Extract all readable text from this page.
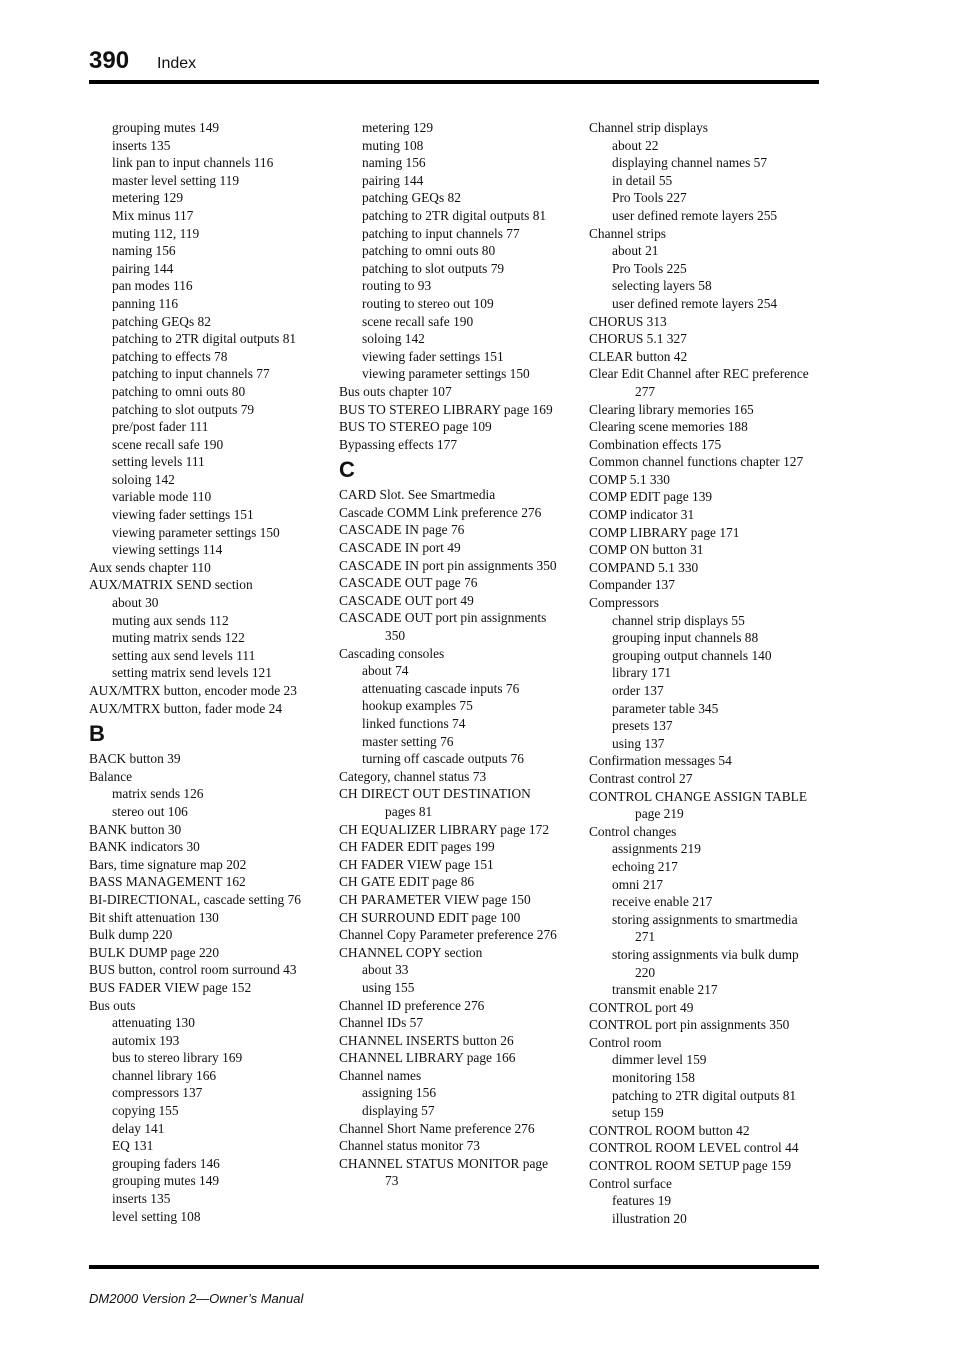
390 Index
grouping mutes 149
inserts 135
link pan to input channels 116
master level setting 119
metering 129
Mix minus 117
muting 112, 119
naming 156
pairing 144
pan modes 116
panning 116
patching GEQs 82
patching to 2TR digital outputs 81
patching to effects 78
patching to input channels 77
patching to omni outs 80
patching to slot outputs 79
pre/post fader 111
scene recall safe 190
setting levels 111
soloing 142
variable mode 110
viewing fader settings 151
viewing parameter settings 150
viewing settings 114
Aux sends chapter 110
AUX/MATRIX SEND section
about 30
muting aux sends 112
muting matrix sends 122
setting aux send levels 111
setting matrix send levels 121
AUX/MTRX button, encoder mode 23
AUX/MTRX button, fader mode 24
B
BACK button 39
Balance
matrix sends 126
stereo out 106
BANK button 30
BANK indicators 30
Bars, time signature map 202
BASS MANAGEMENT 162
BI-DIRECTIONAL, cascade setting 76
Bit shift attenuation 130
Bulk dump 220
BULK DUMP page 220
BUS button, control room surround 43
BUS FADER VIEW page 152
Bus outs
attenuating 130
automix 193
bus to stereo library 169
channel library 166
compressors 137
copying 155
delay 141
EQ 131
grouping faders 146
grouping mutes 149
inserts 135
level setting 108
metering 129
muting 108
naming 156
pairing 144
patching GEQs 82
patching to 2TR digital outputs 81
patching to input channels 77
patching to omni outs 80
patching to slot outputs 79
routing to 93
routing to stereo out 109
scene recall safe 190
soloing 142
viewing fader settings 151
viewing parameter settings 150
Bus outs chapter 107
BUS TO STEREO LIBRARY page 169
BUS TO STEREO page 109
Bypassing effects 177
C
CARD Slot. See Smartmedia
Cascade COMM Link preference 276
CASCADE IN page 76
CASCADE IN port 49
CASCADE IN port pin assignments 350
CASCADE OUT page 76
CASCADE OUT port 49
CASCADE OUT port pin assignments
350
Cascading consoles
about 74
attenuating cascade inputs 76
hookup examples 75
linked functions 74
master setting 76
turning off cascade outputs 76
Category, channel status 73
CH DIRECT OUT DESTINATION
pages 81
CH EQUALIZER LIBRARY page 172
CH FADER EDIT pages 199
CH FADER VIEW page 151
CH GATE EDIT page 86
CH PARAMETER VIEW page 150
CH SURROUND EDIT page 100
Channel Copy Parameter preference 276
CHANNEL COPY section
about 33
using 155
Channel ID preference 276
Channel IDs 57
CHANNEL INSERTS button 26
CHANNEL LIBRARY page 166
Channel names
assigning 156
displaying 57
Channel Short Name preference 276
Channel status monitor 73
CHANNEL STATUS MONITOR page
73
Channel strip displays
about 22
displaying channel names 57
in detail 55
Pro Tools 227
user defined remote layers 255
Channel strips
about 21
Pro Tools 225
selecting layers 58
user defined remote layers 254
CHORUS 313
CHORUS 5.1 327
CLEAR button 42
Clear Edit Channel after REC preference
277
Clearing library memories 165
Clearing scene memories 188
Combination effects 175
Common channel functions chapter 127
COMP 5.1 330
COMP EDIT page 139
COMP indicator 31
COMP LIBRARY page 171
COMP ON button 31
COMPAND 5.1 330
Compander 137
Compressors
channel strip displays 55
grouping input channels 88
grouping output channels 140
library 171
order 137
parameter table 345
presets 137
using 137
Confirmation messages 54
Contrast control 27
CONTROL CHANGE ASSIGN TABLE
page 219
Control changes
assignments 219
echoing 217
omni 217
receive enable 217
storing assignments to smartmedia
271
storing assignments via bulk dump
220
transmit enable 217
CONTROL port 49
CONTROL port pin assignments 350
Control room
dimmer level 159
monitoring 158
patching to 2TR digital outputs 81
setup 159
CONTROL ROOM button 42
CONTROL ROOM LEVEL control 44
CONTROL ROOM SETUP page 159
Control surface
features 19
illustration 20
DM2000 Version 2—Owner’s Manual
